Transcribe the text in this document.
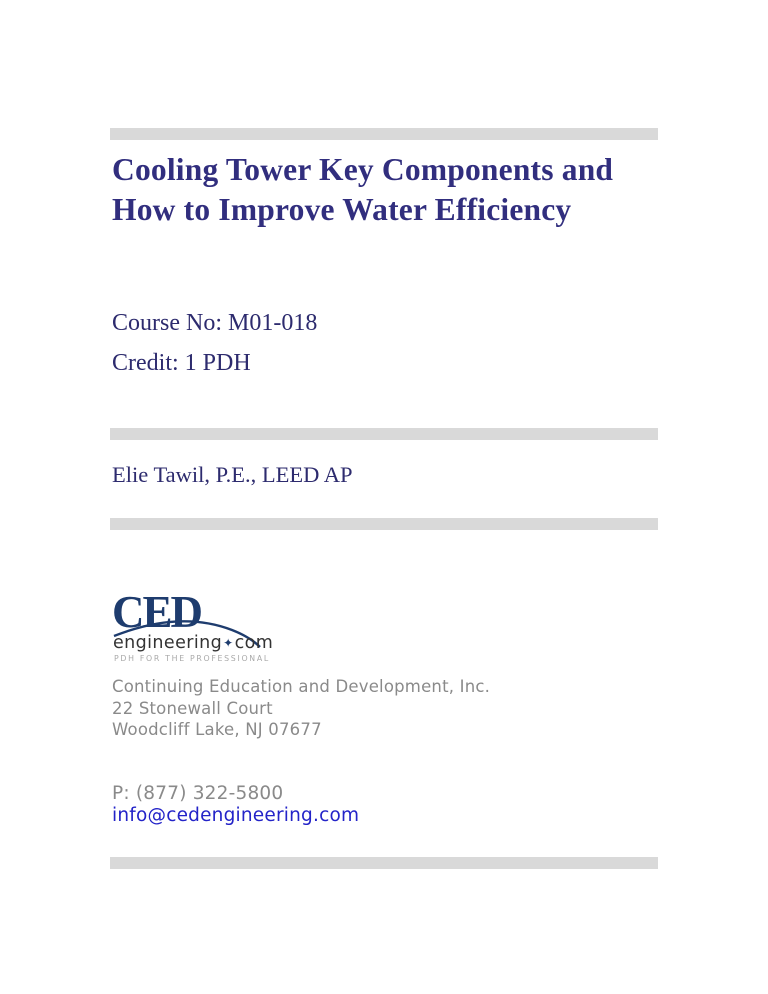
Cooling Tower Key Components and
How to Improve Water Efficiency
Course No: M01-018
Credit: 1 PDH
Elie Tawil, P.E., LEED AP
CED
engineering✦com
PDH FOR THE PROFESSIONAL
Continuing Education and Development, Inc.
22 Stonewall Court
Woodcliff Lake, NJ 07677
P: (877) 322-5800
info@cedengineering.com
